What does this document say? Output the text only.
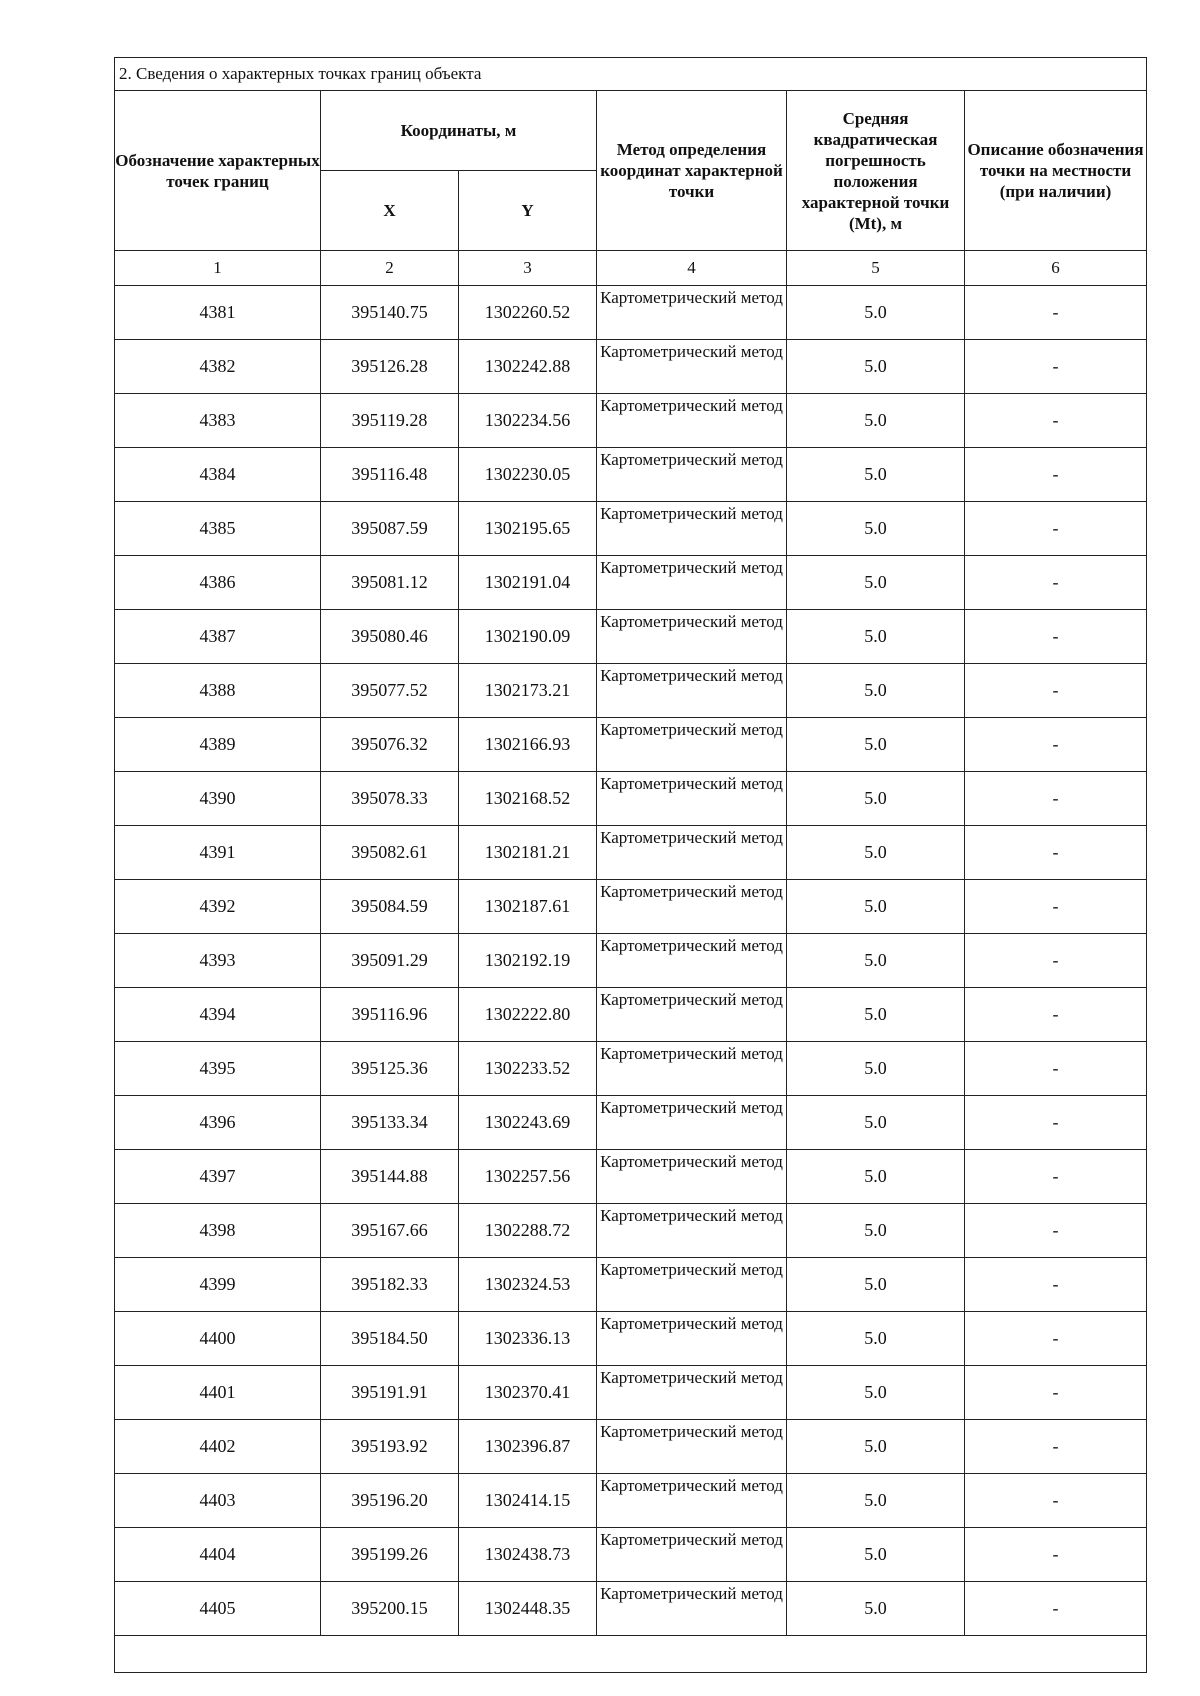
2. Сведения о характерных точках границ объекта					
Обозначение характерных точек границ	Координаты, м		Метод определения координат характерной точки	Средняя квадратическая погрешность положения характерной точки (Mt), м	Описание обозначения точки на местности (при наличии)
	X	Y			
1	2	3	4	5	6
4381	395140.75	1302260.52	Картометрический метод	5.0	-
4382	395126.28	1302242.88	Картометрический метод	5.0	-
4383	395119.28	1302234.56	Картометрический метод	5.0	-
4384	395116.48	1302230.05	Картометрический метод	5.0	-
4385	395087.59	1302195.65	Картометрический метод	5.0	-
4386	395081.12	1302191.04	Картометрический метод	5.0	-
4387	395080.46	1302190.09	Картометрический метод	5.0	-
4388	395077.52	1302173.21	Картометрический метод	5.0	-
4389	395076.32	1302166.93	Картометрический метод	5.0	-
4390	395078.33	1302168.52	Картометрический метод	5.0	-
4391	395082.61	1302181.21	Картометрический метод	5.0	-
4392	395084.59	1302187.61	Картометрический метод	5.0	-
4393	395091.29	1302192.19	Картометрический метод	5.0	-
4394	395116.96	1302222.80	Картометрический метод	5.0	-
4395	395125.36	1302233.52	Картометрический метод	5.0	-
4396	395133.34	1302243.69	Картометрический метод	5.0	-
4397	395144.88	1302257.56	Картометрический метод	5.0	-
4398	395167.66	1302288.72	Картометрический метод	5.0	-
4399	395182.33	1302324.53	Картометрический метод	5.0	-
4400	395184.50	1302336.13	Картометрический метод	5.0	-
4401	395191.91	1302370.41	Картометрический метод	5.0	-
4402	395193.92	1302396.87	Картометрический метод	5.0	-
4403	395196.20	1302414.15	Картометрический метод	5.0	-
4404	395199.26	1302438.73	Картометрический метод	5.0	-
4405	395200.15	1302448.35	Картометрический метод	5.0	-
